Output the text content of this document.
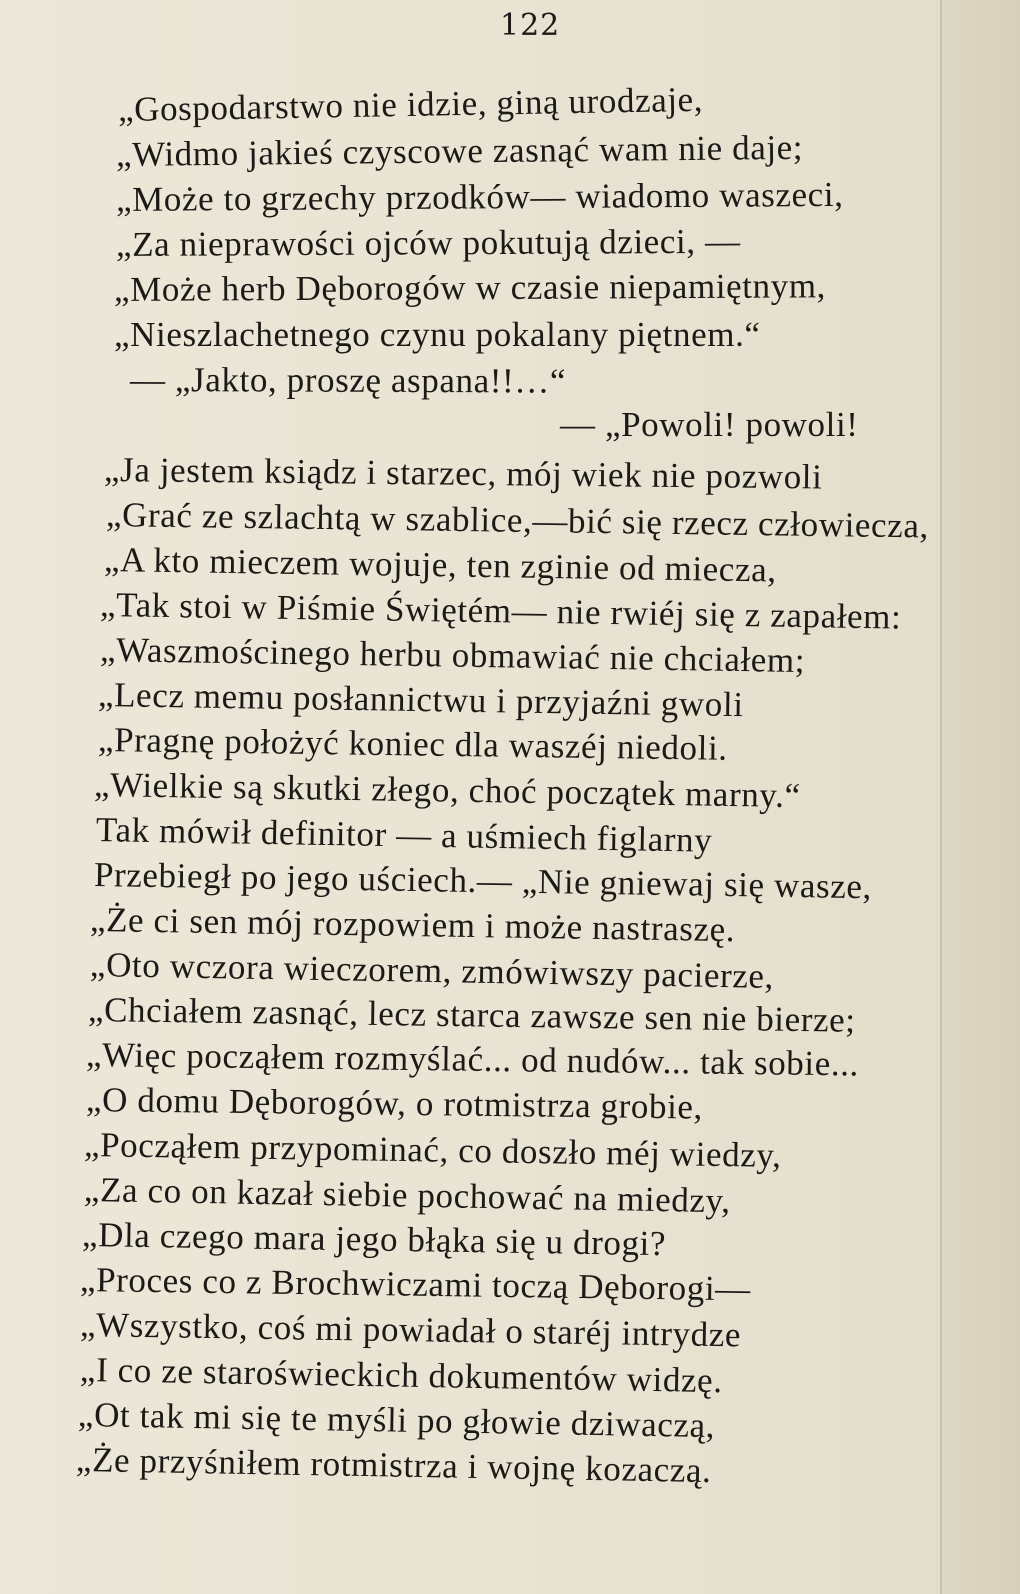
122
„Gospodarstwo nie idzie, giną urodzaje,
„Widmo jakieś czyscowe zasnąć wam nie daje;
„Może to grzechy przodków— wiadomo waszeci,
„Za nieprawości ojców pokutują dzieci, —
„Może herb Dęborogów w czasie niepamiętnym,
„Nieszlachetnego czynu pokalany piętnem.“
— „Jakto, proszę aspana!!…“
— „Powoli! powoli!
„Ja jestem ksiądz i starzec, mój wiek nie pozwoli
„Grać ze szlachtą w szablice,—bić się rzecz człowiecza,
„A kto mieczem wojuje, ten zginie od miecza,
„Tak stoi w Piśmie Świętém— nie rwiéj się z zapałem:
„Waszmościnego herbu obmawiać nie chciałem;
„Lecz memu posłannictwu i przyjaźni gwoli
„Pragnę położyć koniec dla waszéj niedoli.
„Wielkie są skutki złego, choć początek marny.“
Tak mówił definitor — a uśmiech figlarny
Przebiegł po jego uściech.— „Nie gniewaj się wasze,
„Że ci sen mój rozpowiem i może nastraszę.
„Oto wczora wieczorem, zmówiwszy pacierze,
„Chciałem zasnąć, lecz starca zawsze sen nie bierze;
„Więc począłem rozmyślać... od nudów... tak sobie...
„O domu Dęborogów, o rotmistrza grobie,
„Począłem przypominać, co doszło méj wiedzy,
„Za co on kazał siebie pochować na miedzy,
„Dla czego mara jego błąka się u drogi?
„Proces co z Brochwiczami toczą Dęborogi—
„Wszystko, coś mi powiadał o staréj intrydze
„I co ze staroświeckich dokumentów widzę.
„Ot tak mi się te myśli po głowie dziwaczą,
„Że przyśniłem rotmistrza i wojnę kozaczą.
